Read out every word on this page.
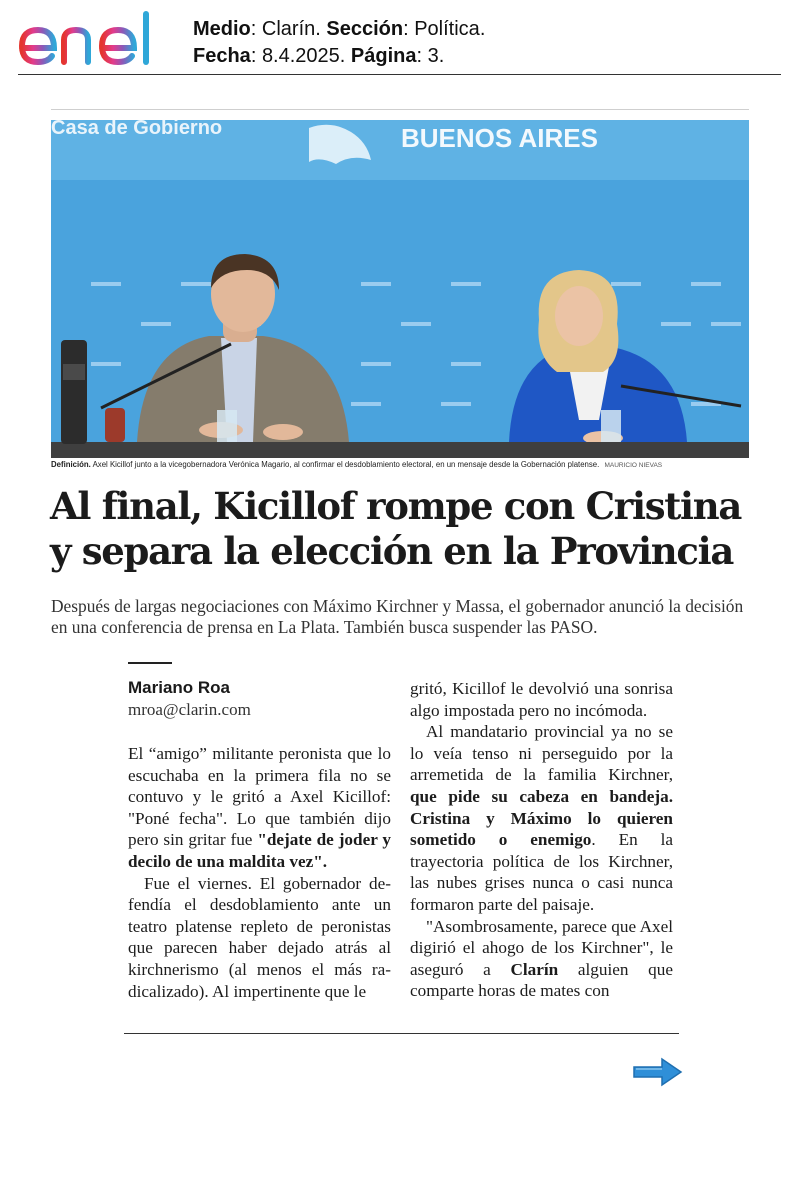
Medio: Clarín. Sección: Política.
Fecha: 8.4.2025. Página: 3.
Casa de Gobierno	BUENOS AIRES
Definición. Axel Kicillof junto a la vicegobernadora Verónica Magario, al confirmar el desdoblamiento electoral, en un mensaje desde la Gobernación platense. MAURICIO NIEVAS
Al final, Kicillof rompe con Cristina
y separa la elección en la Provincia
Después de largas negociaciones con Máximo Kirchner y Massa, el gobernador anunció la decisión en una conferencia de prensa en La Plata. También busca suspender las PASO.
Mariano Roa
mroa@clarin.com

El “amigo” militante peronista que lo escuchaba en la primera fila no se contuvo y le gritó a Axel Kicillof: "Poné fecha". Lo que también dijo pero sin gritar fue "dejate de joder y decilo de una maldita vez".

Fue el viernes. El gobernador defendía el desdoblamiento ante un teatro platense repleto de peronistas que parecen haber dejado atrás al kirchnerismo (al menos el más radicalizado). Al impertinente que le

gritó, Kicillof le devolvió una sonrisa algo impostada pero no incómoda.

Al mandatario provincial ya no se lo veía tenso ni perseguido por la arremetida de la familia Kirchner, que pide su cabeza en bandeja. Cristina y Máximo lo quieren sometido o enemigo. En la trayectoria política de los Kirchner, las nubes grises nunca o casi nunca formaron parte del paisaje.

"Asombrosamente, parece que Axel digirió el ahogo de los Kirchner", le aseguró a Clarín alguien que comparte horas de mates con
